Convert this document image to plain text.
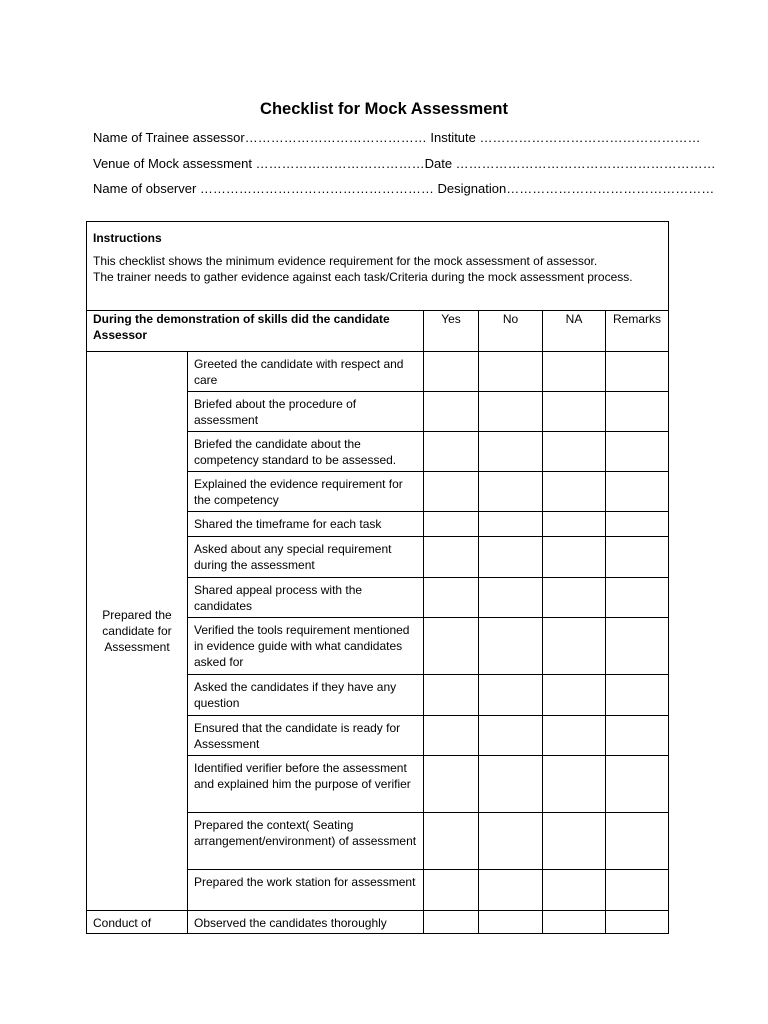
Checklist for Mock Assessment
Name of Trainee assessor…………………………………… Institute ……………………………………………
Venue of Mock assessment …………………………………Date ……………………………………………………
Name of observer ……………………………………………… Designation…………………………………………
Instructions
This checklist shows the minimum evidence requirement for the mock assessment of assessor.
The trainer needs to gather evidence against each task/Criteria during the mock assessment process.					

During the demonstration of skills did the candidate Assessor		Yes	No	NA	Remarks
Prepared the candidate for Assessment	Greeted the candidate with respect and care				
	Briefed about the procedure of assessment				
	Briefed the candidate about the competency standard to be assessed.				
	Explained the evidence requirement for the competency				
	Shared the timeframe for each task				
	Asked about any special requirement during the assessment				
	Shared appeal process with the candidates				
	Verified the tools requirement mentioned in evidence guide with what candidates asked for				
	Asked the candidates if they have any question				
	Ensured that the candidate is ready for Assessment				
	Identified verifier before the assessment and explained him the purpose of verifier				
	Prepared the context( Seating arrangement/environment) of assessment				
	Prepared the work station for assessment				
Conduct of	Observed the candidates thoroughly				
